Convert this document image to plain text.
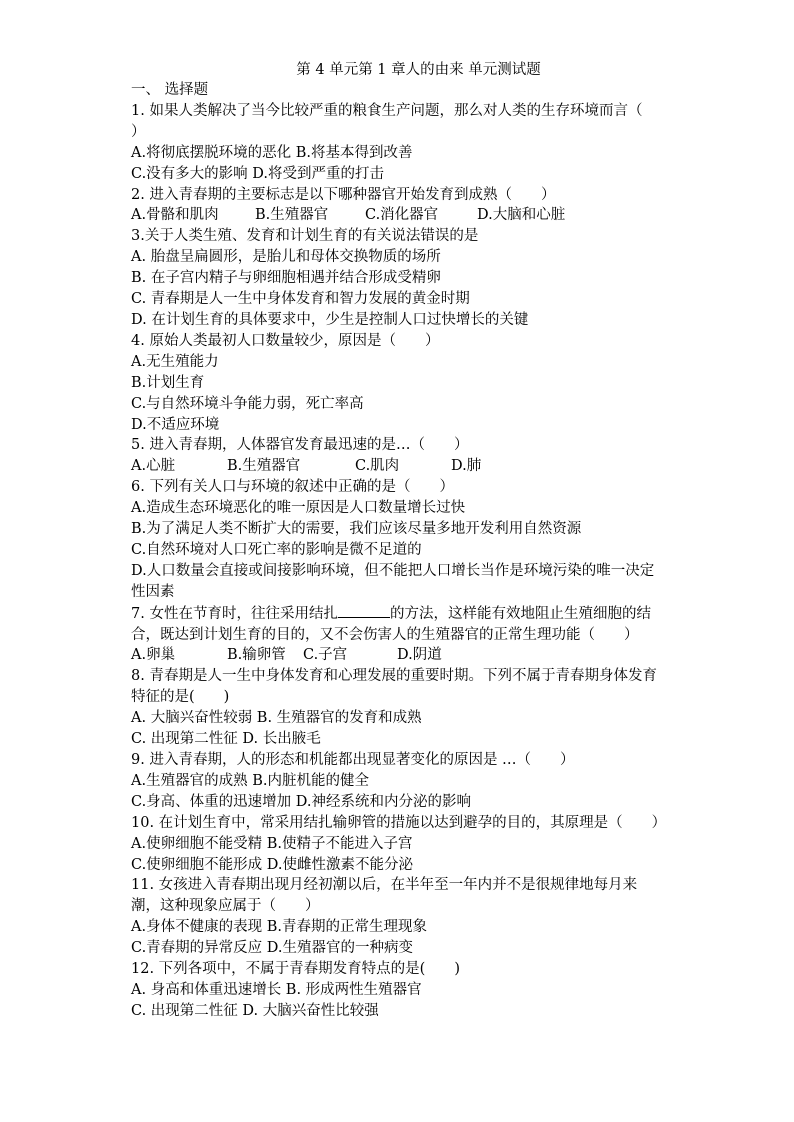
第 4 单元第 1 章人的由来 单元测试题
一、 选择题
1. 如果人类解决了当今比较严重的粮食生产问题，那么对人类的生存环境而言（　　）
A.将彻底摆脱环境的恶化 B.将基本得到改善
C.没有多大的影响 D.将受到严重的打击
2. 进入青春期的主要标志是以下哪种器官开始发育到成熟（　　）
A.骨骼和肌肉	B.生殖器官	C.消化器官	D.大脑和心脏
3.关于人类生殖、发育和计划生育的有关说法错误的是
A. 胎盘呈扁圆形，是胎儿和母体交换物质的场所
B. 在子宫内精子与卵细胞相遇并结合形成受精卵
C. 青春期是人一生中身体发育和智力发展的黄金时期
D. 在计划生育的具体要求中，少生是控制人口过快增长的关键
4. 原始人类最初人口数量较少，原因是（　　）
A.无生殖能力
B.计划生育
C.与自然环境斗争能力弱，死亡率高
D.不适应环境
5. 进入青春期，人体器官发育最迅速的是…（　　）
A.心脏	B.生殖器官	C.肌肉	D.肺
6. 下列有关人口与环境的叙述中正确的是（　　）
A.造成生态环境恶化的唯一原因是人口数量增长过快
B.为了满足人类不断扩大的需要，我们应该尽量多地开发利用自然资源
C.自然环境对人口死亡率的影响是微不足道的
D.人口数量会直接或间接影响环境，但不能把人口增长当作是环境污染的唯一决定性因素
7. 女性在节育时，往往采用结扎	的方法，这样能有效地阻止生殖细胞的结合，既达到计划生育的目的，又不会伤害人的生殖器官的正常生理功能（　　）
A.卵巢	B.输卵管 C.子宫	D.阴道
8. 青春期是人一生中身体发育和心理发展的重要时期。下列不属于青春期身体发育特征的是(　　)
A. 大脑兴奋性较弱 B. 生殖器官的发育和成熟
C. 出现第二性征 D. 长出腋毛
9. 进入青春期，人的形态和机能都出现显著变化的原因是 …（　　）
A.生殖器官的成熟 B.内脏机能的健全
C.身高、体重的迅速增加 D.神经系统和内分泌的影响
10. 在计划生育中，常采用结扎输卵管的措施以达到避孕的目的，其原理是（　　）
A.使卵细胞不能受精 B.使精子不能进入子宫
C.使卵细胞不能形成 D.使雌性激素不能分泌
11. 女孩进入青春期出现月经初潮以后，在半年至一年内并不是很规律地每月来潮，这种现象应属于（　　）
A.身体不健康的表现 B.青春期的正常生理现象
C.青春期的异常反应 D.生殖器官的一种病变
12. 下列各项中，不属于青春期发育特点的是(　　)
A. 身高和体重迅速增长 B. 形成两性生殖器官
C. 出现第二性征 D. 大脑兴奋性比较强
